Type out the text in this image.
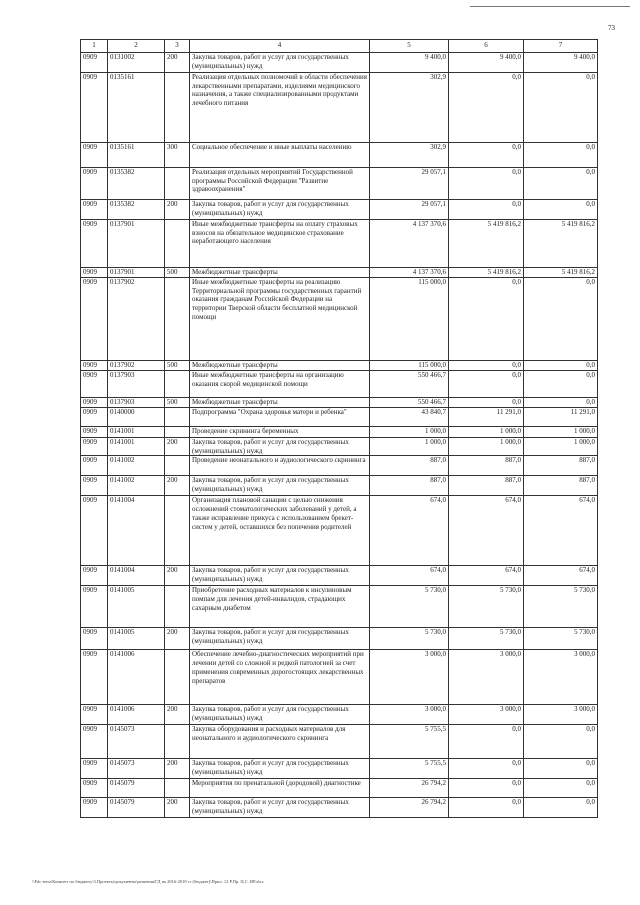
73
1	2	3	4	5	6	7
0909	0131002	200	Закупка товаров, работ и услуг для государственных (муниципальных) нужд	9 400,0	9 400,0	9 400,0
0909	0135161		Реализация отдельных полномочий в области обеспечения лекарственными препаратами, изделиями медицинского назначения, а также специализированными продуктами лечебного питания	302,9	0,0	0,0
0909	0135161	300	Социальное обеспечение и иные выплаты населению	302,9	0,0	0,0
0909	0135382		Реализация отдельных мероприятий Государственной программы Российской Федерации "Развитие здравоохранения"	29 057,1	0,0	0,0
0909	0135382	200	Закупка товаров, работ и услуг для государственных (муниципальных) нужд	29 057,1	0,0	0,0
0909	0137901		Иные межбюджетные трансферты на оплату страховых взносов на обязательное медицинское страхование неработающего населения	4 137 370,6	5 419 816,2	5 419 816,2
0909	0137901	500	Межбюджетные трансферты	4 137 370,6	5 419 816,2	5 419 816,2
0909	0137902		Иные межбюджетные трансферты на реализацию Территориальной программы государственных гарантий оказания гражданам Российской Федерации на территории Тверской области бесплатной медицинской помощи	115 000,0	0,0	0,0
0909	0137902	500	Межбюджетные трансферты	115 000,0	0,0	0,0
0909	0137903		Иные межбюджетные трансферты на организацию оказания скорой медицинской помощи	550 466,7	0,0	0,0
0909	0137903	500	Межбюджетные трансферты	550 466,7	0,0	0,0
0909	0140000		Подпрограмма "Охрана здоровья матери и ребенка"	43 840,7	11 291,0	11 291,0
0909	0141001		Проведение скрининга беременных	1 000,0	1 000,0	1 000,0
0909	0141001	200	Закупка товаров, работ и услуг для государственных (муниципальных) нужд	1 000,0	1 000,0	1 000,0
0909	0141002		Проведение неонатального и аудиологического скрининга	887,0	887,0	887,0
0909	0141002	200	Закупка товаров, работ и услуг для государственных (муниципальных) нужд	887,0	887,0	887,0
0909	0141004		Организация плановой санации с целью снижения осложнений стоматологических заболеваний у детей, а также исправление прикуса с использованием брекет-систем у детей, оставшихся без попечения родителей	674,0	674,0	674,0
0909	0141004	200	Закупка товаров, работ и услуг для государственных (муниципальных) нужд	674,0	674,0	674,0
0909	0141005		Приобретение расходных материалов к инсулиновым помпам для лечения детей-инвалидов, страдающих сахарным диабетом	5 730,0	5 730,0	5 730,0
0909	0141005	200	Закупка товаров, работ и услуг для государственных (муниципальных) нужд	5 730,0	5 730,0	5 730,0
0909	0141006		Обеспечение лечебно-диагностических мероприятий при лечении детей со сложной и редкой патологией за счет применения современных дорогостоящих лекарственных препаратов	3 000,0	3 000,0	3 000,0
0909	0141006	200	Закупка товаров, работ и услуг для государственных (муниципальных) нужд	3 000,0	3 000,0	3 000,0
0909	0145073		Закупка оборудования и расходных материалов для неонатального и аудиологического скрининга	5 755,5	0,0	0,0
0909	0145073	200	Закупка товаров, работ и услуг для государственных (муниципальных) нужд	5 755,5	0,0	0,0
0909	0145079		Мероприятия по пренатальной (дородовой) диагностике	26 794,2	0,0	0,0
0909	0145079	200	Закупка товаров, работ и услуг для государственных (муниципальных) нужд	26 794,2	0,0	0,0
\\Fdc-terra\Комитет по бюджету\3.Проекты\документы\решения\ГД на 2016-2018 гг (бюджет)\Прил. 12 Р.Пр. Ц.С. ВР.xlsx
